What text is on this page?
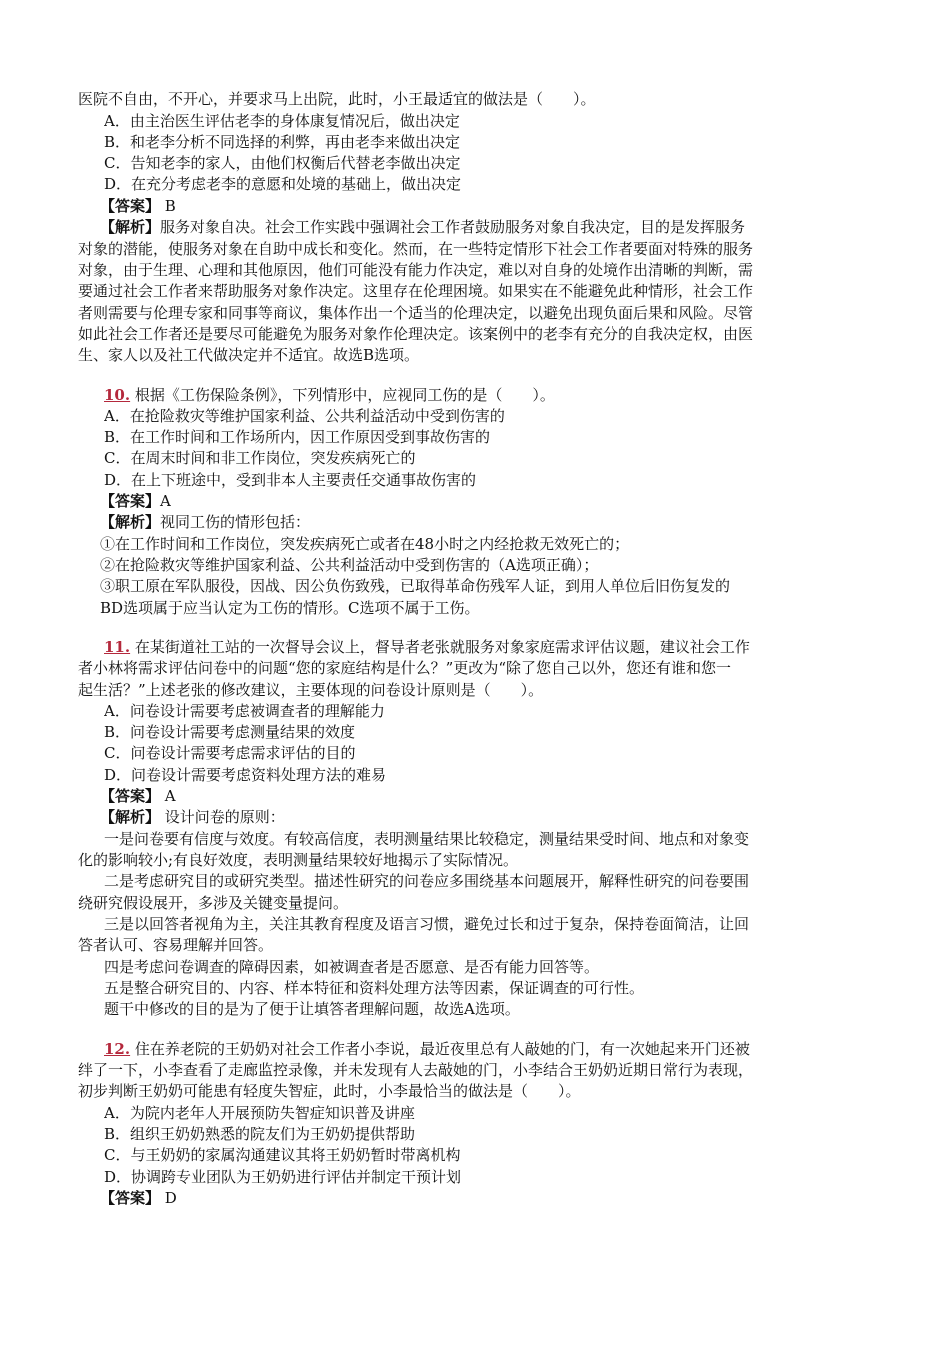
医院不自由，不开心，并要求马上出院，此时，小王最适宜的做法是（　　）。
A．由主治医生评估老李的身体康复情况后，做出决定
B．和老李分析不同选择的利弊，再由老李来做出决定
C．告知老李的家人，由他们权衡后代替老李做出决定
D．在充分考虑老李的意愿和处境的基础上，做出决定
【答案】 B
【解析】服务对象自决。社会工作实践中强调社会工作者鼓励服务对象自我决定，目的是发挥服务
对象的潜能，使服务对象在自助中成长和变化。然而，在一些特定情形下社会工作者要面对特殊的服务
对象，由于生理、心理和其他原因，他们可能没有能力作决定，难以对自身的处境作出清晰的判断，需
要通过社会工作者来帮助服务对象作决定。这里存在伦理困境。如果实在不能避免此种情形，社会工作
者则需要与伦理专家和同事等商议，集体作出一个适当的伦理决定，以避免出现负面后果和风险。尽管
如此社会工作者还是要尽可能避免为服务对象作伦理决定。该案例中的老李有充分的自我决定权，由医
生、家人以及社工代做决定并不适宜。故选B选项。
10. 根据《工伤保险条例》，下列情形中，应视同工伤的是（　　）。
A．在抢险救灾等维护国家利益、公共利益活动中受到伤害的
B．在工作时间和工作场所内，因工作原因受到事故伤害的
C．在周末时间和非工作岗位，突发疾病死亡的
D．在上下班途中，受到非本人主要责任交通事故伤害的
【答案】A
【解析】视同工伤的情形包括：
①在工作时间和工作岗位，突发疾病死亡或者在48小时之内经抢救无效死亡的；
②在抢险救灾等维护国家利益、公共利益活动中受到伤害的（A选项正确）；
③职工原在军队服役，因战、因公负伤致残，已取得革命伤残军人证，到用人单位后旧伤复发的
BD选项属于应当认定为工伤的情形。C选项不属于工伤。
11. 在某街道社工站的一次督导会议上，督导者老张就服务对象家庭需求评估议题，建议社会工作
者小林将需求评估问卷中的问题“您的家庭结构是什么？”更改为“除了您自己以外，您还有谁和您一
起生活？”上述老张的修改建议，主要体现的问卷设计原则是（　　）。
A．问卷设计需要考虑被调查者的理解能力
B．问卷设计需要考虑测量结果的效度
C．问卷设计需要考虑需求评估的目的
D．问卷设计需要考虑资料处理方法的难易
【答案】 A
【解析】 设计问卷的原则：
一是问卷要有信度与效度。有较高信度，表明测量结果比较稳定，测量结果受时间、地点和对象变
化的影响较小;有良好效度，表明测量结果较好地揭示了实际情况。
二是考虑研究目的或研究类型。描述性研究的问卷应多围绕基本问题展开，解释性研究的问卷要围
绕研究假设展开，多涉及关键变量提问。
三是以回答者视角为主，关注其教育程度及语言习惯，避免过长和过于复杂，保持卷面简洁，让回
答者认可、容易理解并回答。
四是考虑问卷调查的障碍因素，如被调查者是否愿意、是否有能力回答等。
五是整合研究目的、内容、样本特征和资料处理方法等因素，保证调查的可行性。
题干中修改的目的是为了便于让填答者理解问题，故选A选项。
12. 住在养老院的王奶奶对社会工作者小李说，最近夜里总有人敲她的门，有一次她起来开门还被
绊了一下，小李查看了走廊监控录像，并未发现有人去敲她的门，小李结合王奶奶近期日常行为表现，
初步判断王奶奶可能患有轻度失智症，此时，小李最恰当的做法是（　　）。
A．为院内老年人开展预防失智症知识普及讲座
B．组织王奶奶熟悉的院友们为王奶奶提供帮助
C．与王奶奶的家属沟通建议其将王奶奶暂时带离机构
D．协调跨专业团队为王奶奶进行评估并制定干预计划
【答案】 D
